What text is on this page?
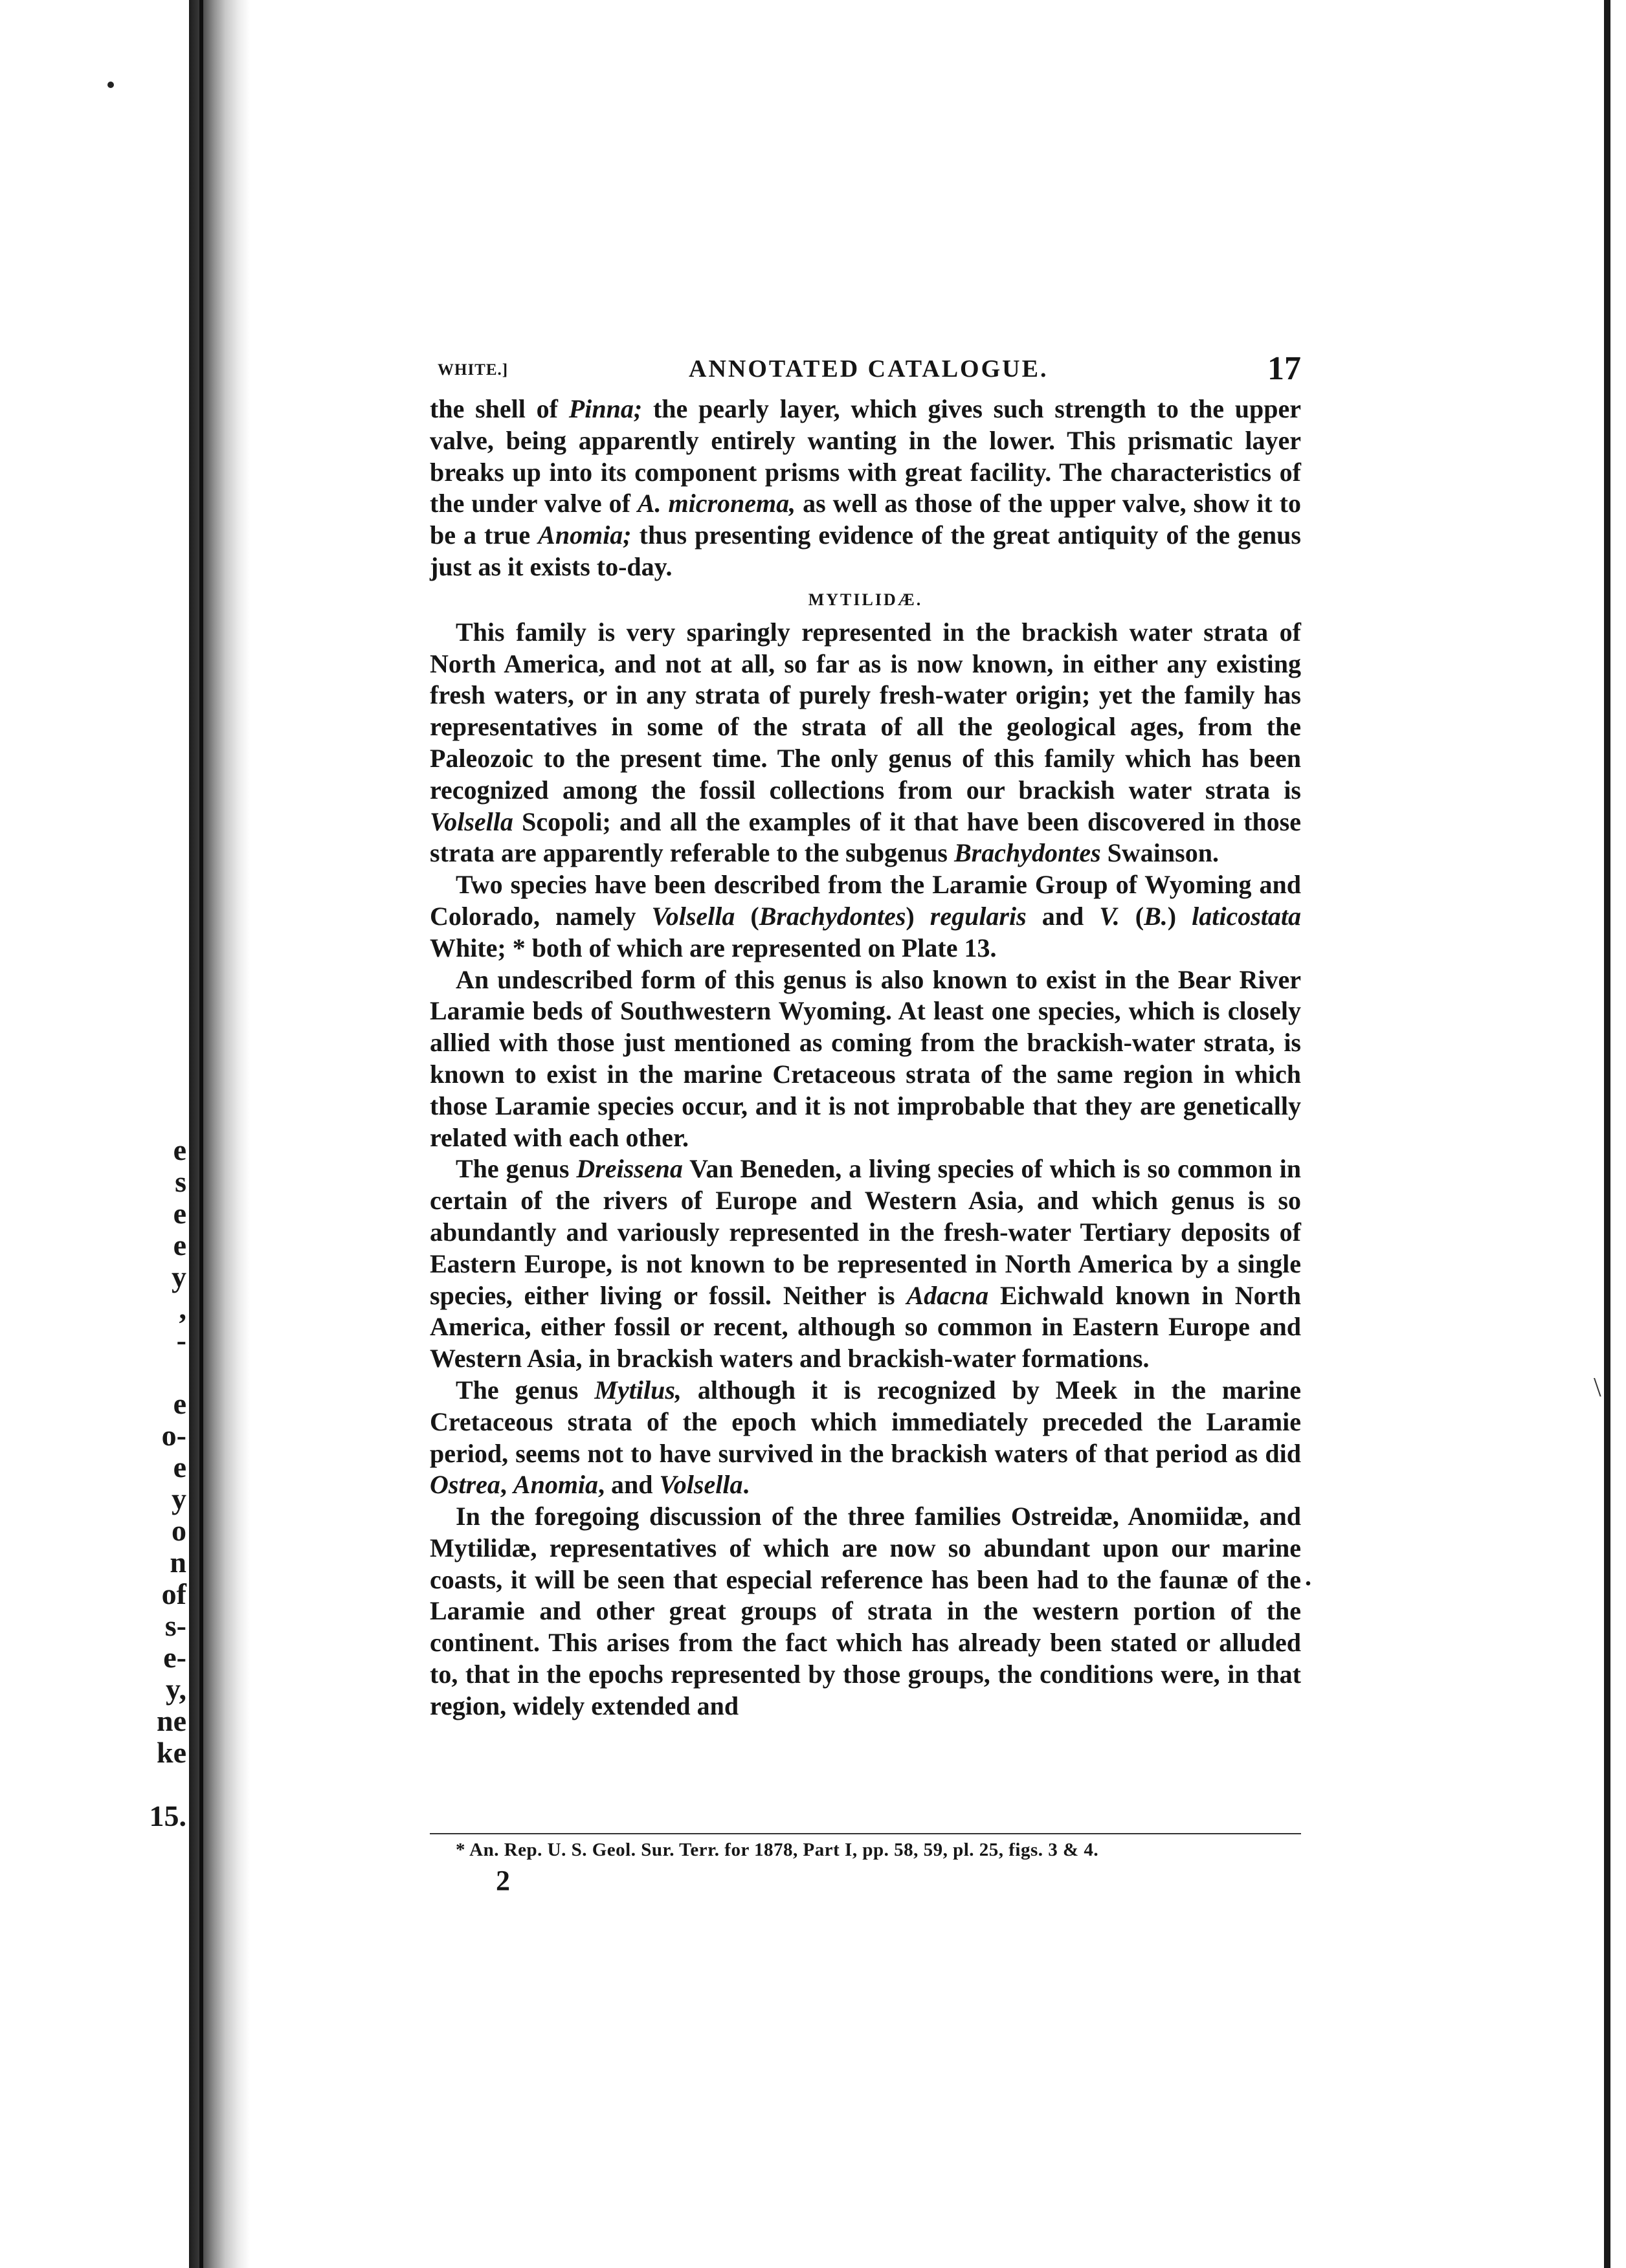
e
s
e
e
y
,
-

e
o-
e
y
o
n
of
s-
e-
y,
ne
ke

15.
\
WHITE.]	ANNOTATED CATALOGUE.	17

the shell of Pinna; the pearly layer, which gives such strength to the upper valve, being apparently entirely wanting in the lower. This prismatic layer breaks up into its component prisms with great facility. The characteristics of the under valve of A. micronema, as well as those of the upper valve, show it to be a true Anomia; thus presenting evidence of the great antiquity of the genus just as it exists to-day.

MYTILIDÆ.

This family is very sparingly represented in the brackish water strata of North America, and not at all, so far as is now known, in either any existing fresh waters, or in any strata of purely fresh-water origin; yet the family has representatives in some of the strata of all the geological ages, from the Paleozoic to the present time. The only genus of this family which has been recognized among the fossil collections from our brackish water strata is Volsella Scopoli; and all the examples of it that have been discovered in those strata are apparently referable to the subgenus Brachydontes Swainson.

Two species have been described from the Laramie Group of Wyoming and Colorado, namely Volsella (Brachydontes) regularis and V. (B.) laticostata White; * both of which are represented on Plate 13.

An undescribed form of this genus is also known to exist in the Bear River Laramie beds of Southwestern Wyoming. At least one species, which is closely allied with those just mentioned as coming from the brackish-water strata, is known to exist in the marine Cretaceous strata of the same region in which those Laramie species occur, and it is not improbable that they are genetically related with each other.

The genus Dreissena Van Beneden, a living species of which is so common in certain of the rivers of Europe and Western Asia, and which genus is so abundantly and variously represented in the fresh-water Tertiary deposits of Eastern Europe, is not known to be represented in North America by a single species, either living or fossil. Neither is Adacna Eichwald known in North America, either fossil or recent, although so common in Eastern Europe and Western Asia, in brackish waters and brackish-water formations.

The genus Mytilus, although it is recognized by Meek in the marine Cretaceous strata of the epoch which immediately preceded the Laramie period, seems not to have survived in the brackish waters of that period as did Ostrea, Anomia, and Volsella.

In the foregoing discussion of the three families Ostreidæ, Anomiidæ, and Mytilidæ, representatives of which are now so abundant upon our marine coasts, it will be seen that especial reference has been had to the faunæ of the Laramie and other great groups of strata in the western portion of the continent. This arises from the fact which has already been stated or alluded to, that in the epochs represented by those groups, the conditions were, in that region, widely extended and

* An. Rep. U. S. Geol. Sur. Terr. for 1878, Part I, pp. 58, 59, pl. 25, figs. 3 & 4.
2
.
